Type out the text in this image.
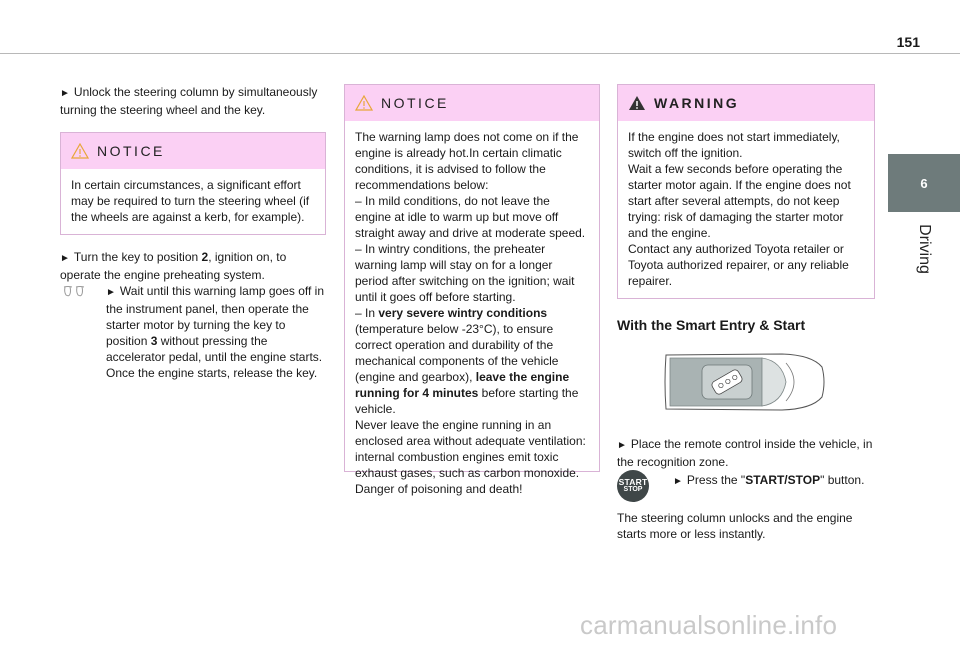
151
6
Driving

► Unlock the steering column by simultaneously turning the steering wheel and the key.

NOTICE
In certain circumstances, a significant effort may be required to turn the steering wheel (if the wheels are against a kerb, for example).

► Turn the key to position 2, ignition on, to operate the engine preheating system.

► Wait until this warning lamp goes off in the instrument panel, then operate the starter motor by turning the key to position 3 without pressing the accelerator pedal, until the engine starts. Once the engine starts, release the key.

NOTICE
The warning lamp does not come on if the engine is already hot.In certain climatic conditions, it is advised to follow the recommendations below:
– In mild conditions, do not leave the engine at idle to warm up but move off straight away and drive at moderate speed.
– In wintry conditions, the preheater warning lamp will stay on for a longer period after switching on the ignition; wait until it goes off before starting.
– In very severe wintry conditions (temperature below -23°C), to ensure correct operation and durability of the mechanical components of the vehicle (engine and gearbox), leave the engine running for 4 minutes before starting the vehicle.
Never leave the engine running in an enclosed area without adequate ventilation: internal combustion engines emit toxic exhaust gases, such as carbon monoxide. Danger of poisoning and death!
WARNING
If the engine does not start immediately, switch off the ignition.
Wait a few seconds before operating the starter motor again. If the engine does not start after several attempts, do not keep trying: risk of damaging the starter motor and the engine.
Contact any authorized Toyota retailer or Toyota authorized repairer, or any reliable repairer.
With the Smart Entry & Start

► Place the remote control inside the vehicle, in the recognition zone.

START
STOP
► Press the "START/STOP" button.

The steering column unlocks and the engine starts more or less instantly.

carmanualsonline.info
